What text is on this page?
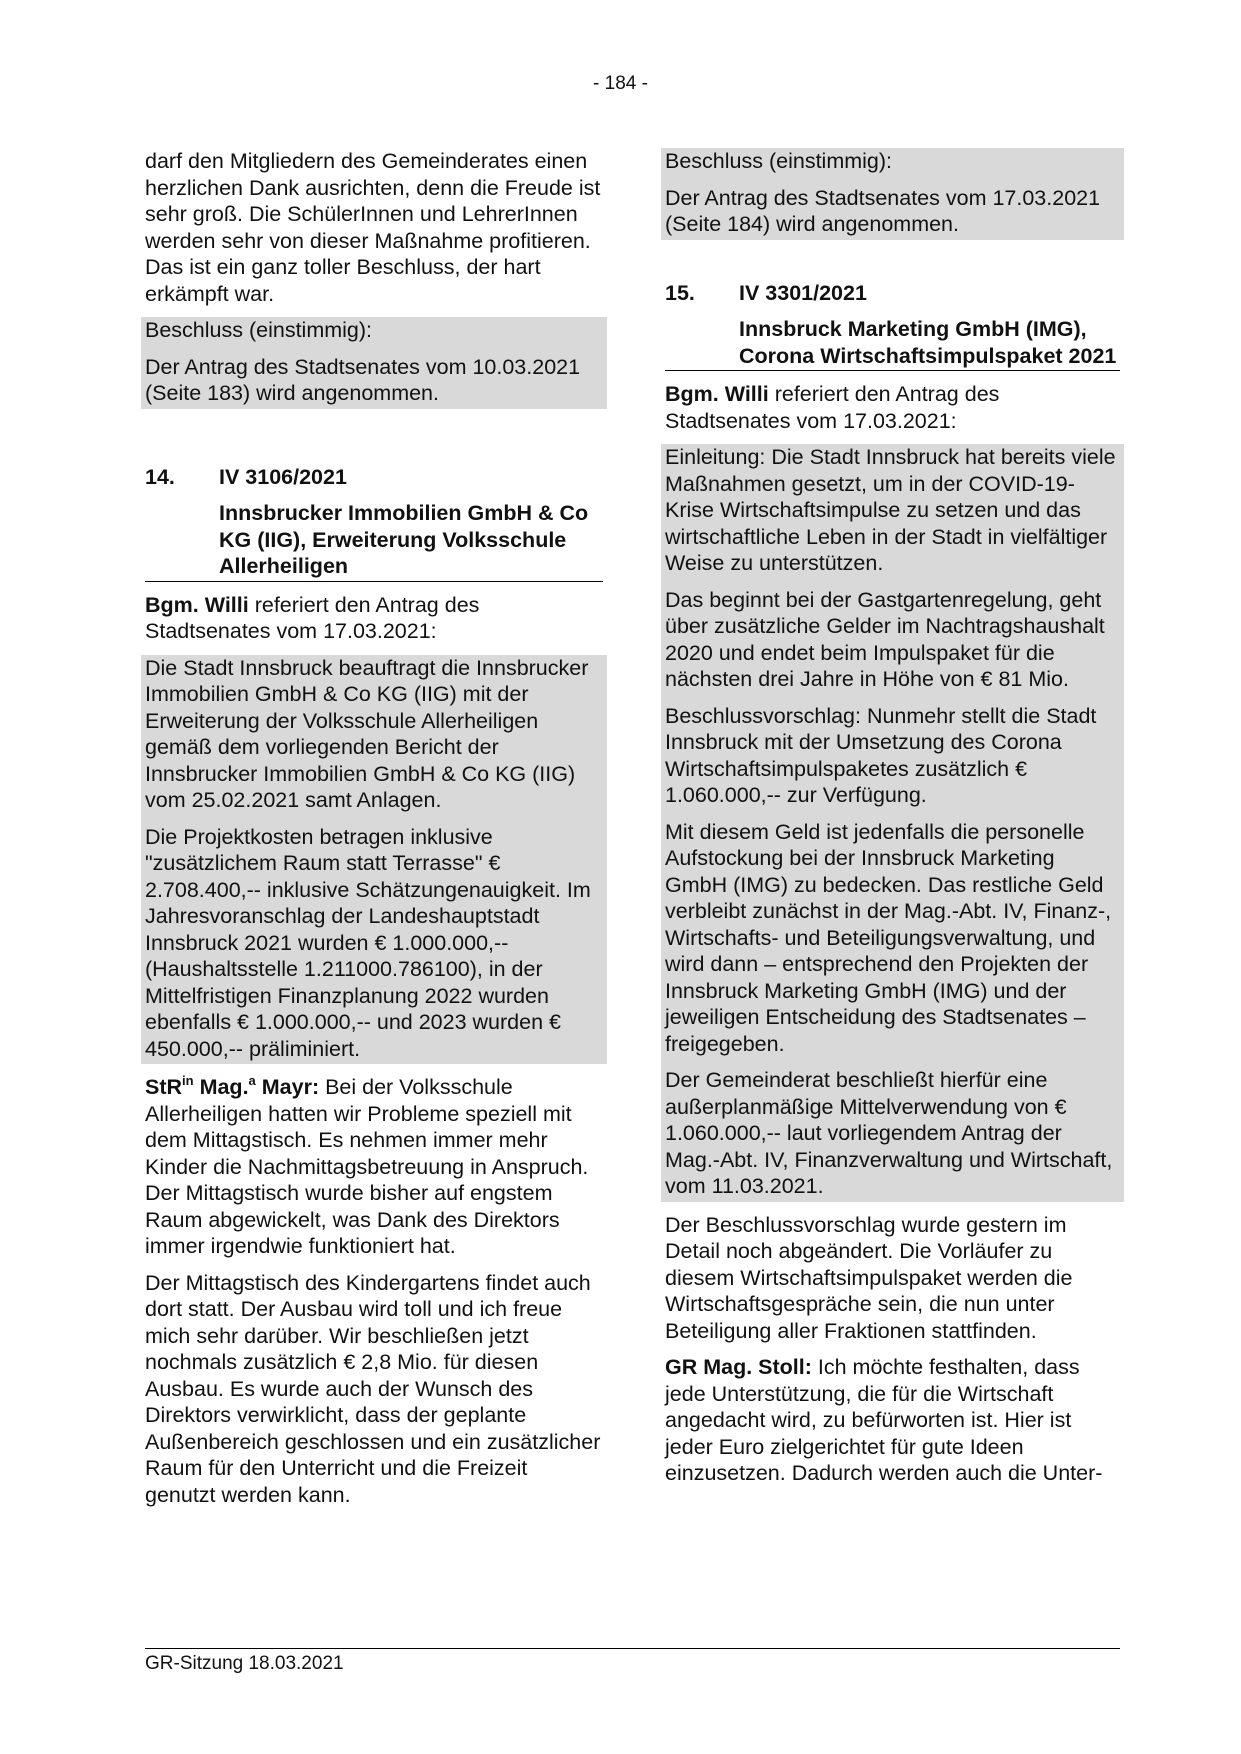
- 184 -

darf den Mitgliedern des Gemeinderates einen herzlichen Dank ausrichten, denn die Freude ist sehr groß. Die SchülerInnen und LehrerInnen werden sehr von dieser Maßnahme profitieren. Das ist ein ganz toller Beschluss, der hart erkämpft war.

Beschluss (einstimmig):

Der Antrag des Stadtsenates vom 10.03.2021 (Seite 183) wird angenommen.

14.	IV 3106/2021
Innsbrucker Immobilien GmbH & Co KG (IIG), Erweiterung Volksschule Allerheiligen

Bgm. Willi referiert den Antrag des Stadtsenates vom 17.03.2021:

Die Stadt Innsbruck beauftragt die Innsbrucker Immobilien GmbH & Co KG (IIG) mit der Erweiterung der Volksschule Allerheiligen gemäß dem vorliegenden Bericht der Innsbrucker Immobilien GmbH & Co KG (IIG) vom 25.02.2021 samt Anlagen.

Die Projektkosten betragen inklusive "zusätzlichem Raum statt Terrasse" € 2.708.400,-- inklusive Schätzungenauigkeit. Im Jahresvoranschlag der Landeshauptstadt Innsbruck 2021 wurden € 1.000.000,-- (Haushaltsstelle 1.211000.786100), in der Mittelfristigen Finanzplanung 2022 wurden ebenfalls € 1.000.000,-- und 2023 wurden € 450.000,-- präliminiert.

StR$^{in}$ Mag.$^a$ Mayr: Bei der Volksschule Allerheiligen hatten wir Probleme speziell mit dem Mittagstisch. Es nehmen immer mehr Kinder die Nachmittagsbetreuung in Anspruch. Der Mittagstisch wurde bisher auf engstem Raum abgewickelt, was Dank des Direktors immer irgendwie funktioniert hat.

Der Mittagstisch des Kindergartens findet auch dort statt. Der Ausbau wird toll und ich freue mich sehr darüber. Wir beschließen jetzt nochmals zusätzlich € 2,8 Mio. für diesen Ausbau. Es wurde auch der Wunsch des Direktors verwirklicht, dass der geplante Außenbereich geschlossen und ein zusätzlicher Raum für den Unterricht und die Freizeit genutzt werden kann.

Beschluss (einstimmig):

Der Antrag des Stadtsenates vom 17.03.2021 (Seite 184) wird angenommen.

15.	IV 3301/2021
Innsbruck Marketing GmbH (IMG), Corona Wirtschaftsimpulspaket 2021

Bgm. Willi referiert den Antrag des Stadtsenates vom 17.03.2021:

Einleitung: Die Stadt Innsbruck hat bereits viele Maßnahmen gesetzt, um in der COVID-19-Krise Wirtschaftsimpulse zu setzen und das wirtschaftliche Leben in der Stadt in vielfältiger Weise zu unterstützen.

Das beginnt bei der Gastgartenregelung, geht über zusätzliche Gelder im Nachtragshaushalt 2020 und endet beim Impulspaket für die nächsten drei Jahre in Höhe von € 81 Mio.

Beschlussvorschlag: Nunmehr stellt die Stadt Innsbruck mit der Umsetzung des Corona Wirtschaftsimpulspaketes zusätzlich € 1.060.000,-- zur Verfügung.

Mit diesem Geld ist jedenfalls die personelle Aufstockung bei der Innsbruck Marketing GmbH (IMG) zu bedecken. Das restliche Geld verbleibt zunächst in der Mag.-Abt. IV, Finanz-, Wirtschafts- und Beteiligungsverwaltung, und wird dann – entsprechend den Projekten der Innsbruck Marketing GmbH (IMG) und der jeweiligen Entscheidung des Stadtsenates – freigegeben.

Der Gemeinderat beschließt hierfür eine außerplanmäßige Mittelverwendung von € 1.060.000,-- laut vorliegendem Antrag der Mag.-Abt. IV, Finanzverwaltung und Wirtschaft, vom 11.03.2021.

Der Beschlussvorschlag wurde gestern im Detail noch abgeändert. Die Vorläufer zu diesem Wirtschaftsimpulspaket werden die Wirtschaftsgespräche sein, die nun unter Beteiligung aller Fraktionen stattfinden.

GR Mag. Stoll: Ich möchte festhalten, dass jede Unterstützung, die für die Wirtschaft angedacht wird, zu befürworten ist. Hier ist jeder Euro zielgerichtet für gute Ideen einzusetzen. Dadurch werden auch die Unter-

GR-Sitzung 18.03.2021
